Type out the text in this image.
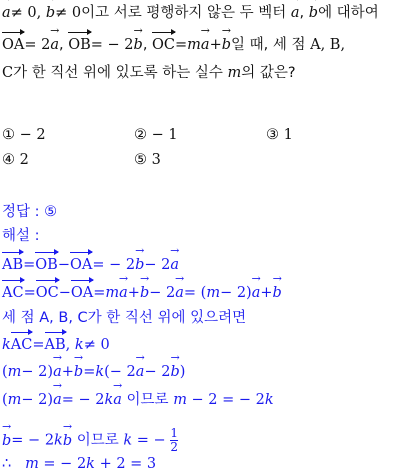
→ a≠ 0, → b≠ 0이고 서로 평행하지 않은 두 벡터 → a, → b에 대하여
OA= 2→ a, OB= − 2→ b, OC=m→ a+→ b일 때, 세 점 A, B,
C가 한 직선 위에 있도록 하는 실수 m의 값은?
① − 2	② − 1	③ 1
④ 2	⑤ 3
정답 : ⑤
해설 :
AB=OB−OA= − 2→ b− 2→ a
AC=OC−OA=m→ a+→ b− 2→ a= (m− 2)→ a+→ b
세 점 A, B, C가 한 직선 위에 있으려면
kAC=AB, k≠ 0
(m− 2)→ a+→ b=k(− 2→ a− 2→ b)
(m− 2)→ a= − 2k→ a 이므로 m − 2 = − 2k
→ b= − 2k→ b 이므로 k = − $\frac{1}{2}$
∴   m = − 2k + 2 = 3
